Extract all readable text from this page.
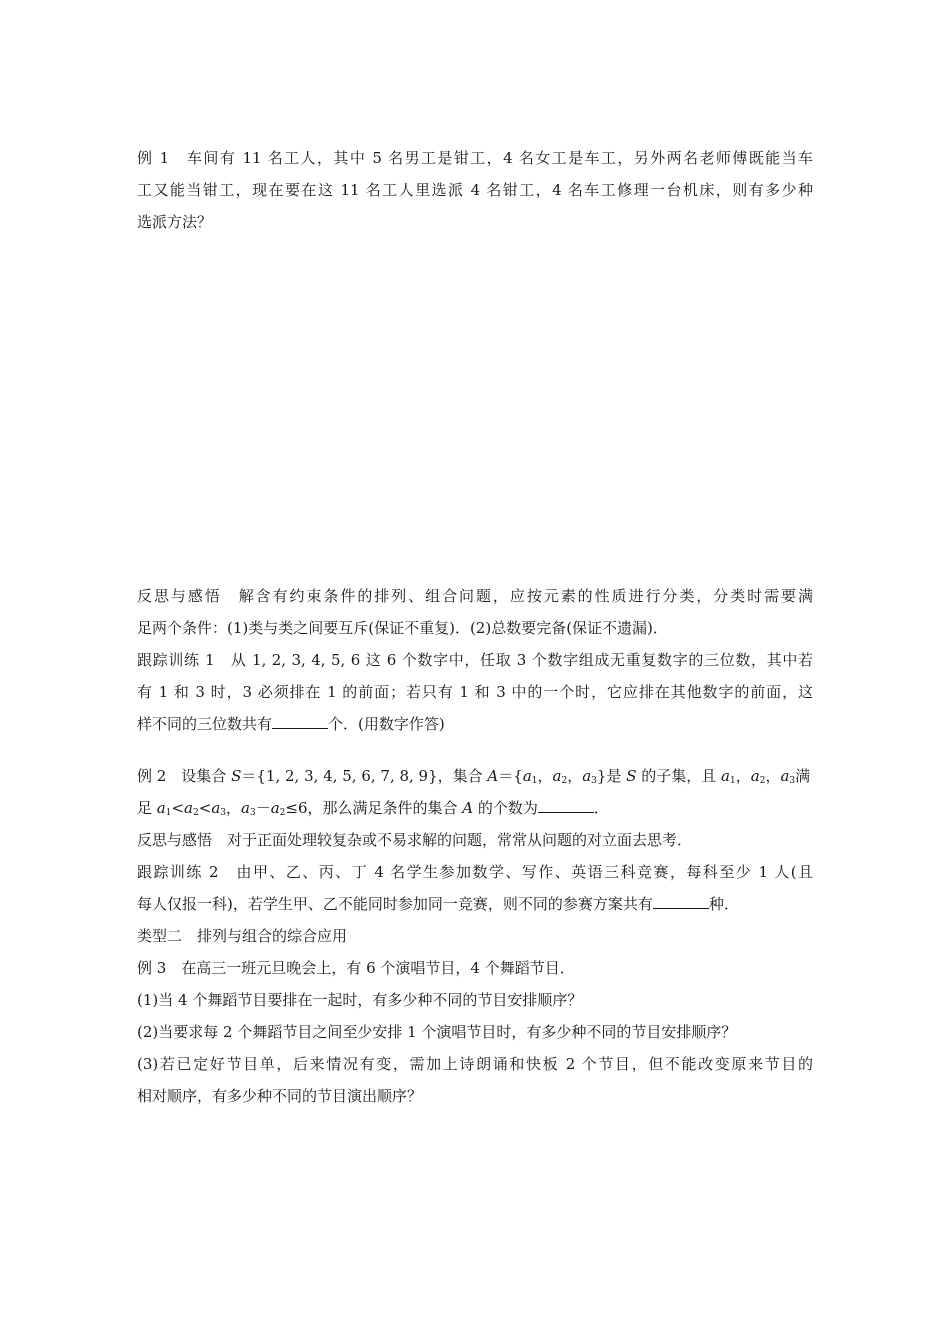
例 1　车间有 11 名工人，其中 5 名男工是钳工，4 名女工是车工，另外两名老师傅既能当车
工又能当钳工，现在要在这 11 名工人里选派 4 名钳工，4 名车工修理一台机床，则有多少种
选派方法？
反思与感悟　解含有约束条件的排列、组合问题，应按元素的性质进行分类，分类时需要满
足两个条件：(1)类与类之间要互斥(保证不重复)．(2)总数要完备(保证不遗漏)．
跟踪训练 1　从 1, 2, 3, 4, 5, 6 这 6 个数字中，任取 3 个数字组成无重复数字的三位数，其中若
有 1 和 3 时，3 必须排在 1 的前面；若只有 1 和 3 中的一个时，它应排在其他数字的前面，这
样不同的三位数共有	个．(用数字作答)
例 2　设集合 S＝{1, 2, 3, 4, 5, 6, 7, 8, 9}，集合 $A=\{a_1$，$a_2$，$a_3$}是 S 的子集，且 $a_1$，$a_2$，$a_3$满
足 $a_1<a_2<a_3$，$a_3-a_2\le 6$，那么满足条件的集合 A 的个数为	．
反思与感悟　对于正面处理较复杂或不易求解的问题，常常从问题的对立面去思考．
跟踪训练 2　由甲、乙、丙、丁 4 名学生参加数学、写作、英语三科竞赛，每科至少 1 人(且
每人仅报一科)，若学生甲、乙不能同时参加同一竞赛，则不同的参赛方案共有	种．
类型二　排列与组合的综合应用
例 3　在高三一班元旦晚会上，有 6 个演唱节目，4 个舞蹈节目．
(1)当 4 个舞蹈节目要排在一起时，有多少种不同的节目安排顺序？
(2)当要求每 2 个舞蹈节目之间至少安排 1 个演唱节目时，有多少种不同的节目安排顺序？
(3)若已定好节目单，后来情况有变，需加上诗朗诵和快板 2 个节目，但不能改变原来节目的
相对顺序，有多少种不同的节目演出顺序？
